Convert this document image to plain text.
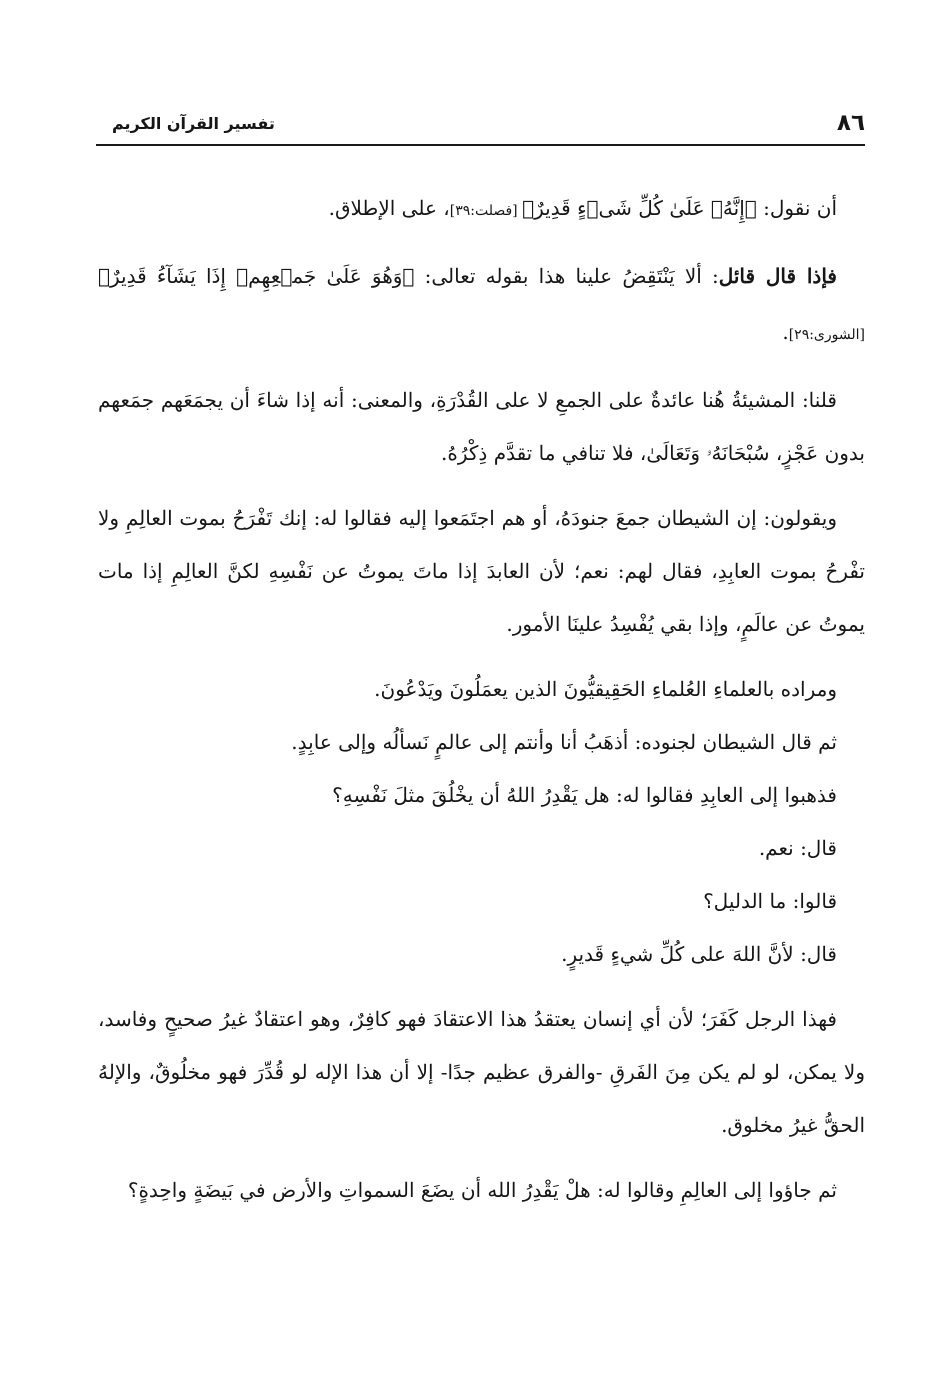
٨٦
تفسير القرآن الكريم

أن نقول: ﴿إِنَّهُۥ عَلَىٰ كُلِّ شَىۡءٍ قَدِيرٌ﴾ [فصلت:٣٩]، على الإطلاق.

فإذا قال قائل: ألا يَنْتَقِضُ علينا هذا بقوله تعالى: ﴿وَهُوَ عَلَىٰ جَمۡعِهِمۡ إِذَا يَشَآءُ قَدِيرٌ﴾ [الشورى:٢٩].

قلنا: المشيئةُ هُنا عائدةٌ على الجمعِ لا على القُدْرَةِ، والمعنى: أنه إذا شاءَ أن يجمَعَهم جمَعهم بدون عَجْزٍ، سُبْحَانَهُۥ وَتَعَالَىٰ، فلا تنافي ما تقدَّم ذِكْرُهُ.

ويقولون: إن الشيطان جمعَ جنودَهُ، أو هم اجتَمَعوا إليه فقالوا له: إنك تَفْرَحُ بموت العالِمِ ولا تفْرحُ بموت العابِدِ، فقال لهم: نعم؛ لأن العابدَ إذا ماتَ يموتُ عن نَفْسِهِ لكنَّ العالِمِ إذا مات يموتُ عن عالَمٍ، وإذا بقي يُفْسِدُ علينَا الأمور.

ومراده بالعلماءِ العُلماءِ الحَقِيقيُّونَ الذين يعمَلُونَ ويَدْعُونَ.

ثم قال الشيطان لجنوده: أذهَبُ أنا وأنتم إلى عالمٍ نَسألُه وإلى عابِدٍ.

فذهبوا إلى العابِدِ فقالوا له: هل يَقْدِرُ اللهُ أن يخْلُقَ مثلَ نَفْسِهِ؟

قال: نعم.

قالوا: ما الدليل؟

قال: لأنَّ اللهَ على كُلِّ شيءٍ قَديرٍ.

فهذا الرجل كَفَرَ؛ لأن أي إنسان يعتقدُ هذا الاعتقادَ فهو كافِرٌ، وهو اعتقادٌ غيرُ صحيحٍ وفاسد، ولا يمكن، لو لم يكن مِنَ الفَرقِ -والفرق عظيم جدًا- إلا أن هذا الإله لو قُدِّرَ فهو مخلُوقٌ، والإلهُ الحقُّ غيرُ مخلوق.

ثم جاؤوا إلى العالِمِ وقالوا له: هلْ يَقْدِرُ الله أن يضَعَ السمواتِ والأرض في بَيضَةٍ واحِدةٍ؟
